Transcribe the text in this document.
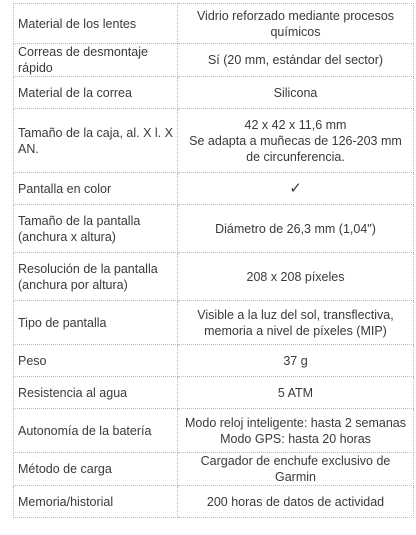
Material de los lentes	Vidrio reforzado mediante procesos químicos
Correas de desmontaje rápido	Sí (20 mm, estándar del sector)
Material de la correa	Silicona
Tamaño de la caja, al. X l. X AN.	42 x 42 x 11,6 mm
Se adapta a muñecas de 126-203 mm de circunferencia.

Pantalla en color	✓
Tamaño de la pantalla (anchura x altura)	Diámetro de 26,3 mm (1,04")
Resolución de la pantalla (anchura por altura)	208 x 208 píxeles
Tipo de pantalla	Visible a la luz del sol, transflectiva, memoria a nivel de píxeles (MIP)
Peso	37 g
Resistencia al agua	5 ATM
Autonomía de la batería	Modo reloj inteligente: hasta 2 semanas
Modo GPS: hasta 20 horas

Método de carga	Cargador de enchufe exclusivo de Garmin
Memoria/historial	200 horas de datos de actividad
